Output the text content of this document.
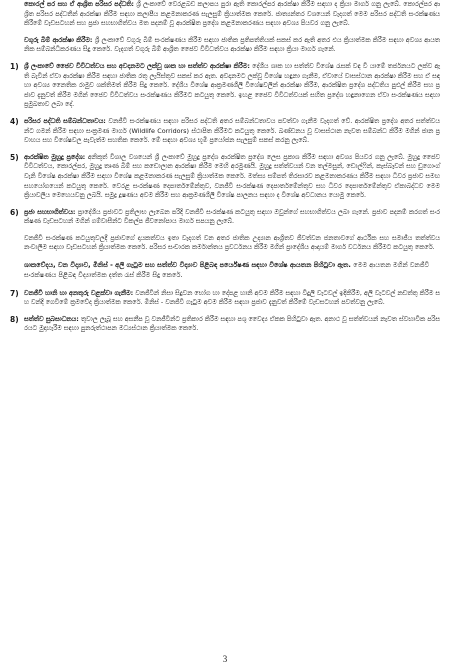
කොරල් පර සහ ඒ ආශ්‍රිත පරිසර පද්ධති: ශ්‍රී ලංකාවේ වෙරළබඩ කලාපය පුරා ඇති කොරල්පර ආරක්ෂා කිරීම සඳහා ද ක්‍රියා මාර්ග ගනු ලැබේ. කොරල්පර ආශ්‍රිත පරිසර පද්ධතීන් ආරක්ෂා කිරීම සඳහා කලාපීය කළමනාකරණ සැලසුම් ක්‍රියාත්මක කෙරේ. ජාත්‍යන්තර වශයෙන් වැදගත් මෙම පරිසර පද්ධති සංරක්ෂණය කිරීමේ වැඩසටහන් සහ ප්‍රජා සහභාගිත්වය මත පදනම් වූ ආරක්ෂිත ප්‍රදේශ කළමනාකරණය සඳහා අවශ්‍ය පියවර ගනු ලැබේ.
වගුරු බිම් ආරක්ෂා කිරීම: ශ්‍රී ලංකාවේ වගුරු බිම් සංරක්ෂණය කිරීම සඳහා ජාතික ප්‍රතිපත්තියක් සකස් කර ඇති අතර එය ක්‍රියාත්මක කිරීම සඳහා අවශ්‍ය ආයතනික සම්බන්ධීකරණය සිදු කෙරේ. වැදගත් වගුරු බිම් ආශ්‍රිත ජෛව විවිධත්වය ආරක්ෂා කිරීම සඳහා ක්‍රියා මාර්ග ගැනේ.
1) ශ්‍රී ලංකාවේ ජෛව විවිධත්වය සහ අවදානමට ලක්වූ ශාක හා සත්ත්ව ආරක්ෂා කිරීම: දේශීය ශාක හා සත්ත්ව විශේෂ රැසක් වඳ වී යාමේ තර්ජනයට ලක්ව ඇති බැවින් ඒවා ආරක්ෂා කිරීම සඳහා ජාතික රතු ලැයිස්තුව සකස් කර ඇත. අවදානමට ලක්වූ විශේෂ හඳුනා ගැනීම, ඒවායේ වාසස්ථාන ආරක්ෂා කිරීම සහ ඒ සඳහා අවශ්‍ය නෛතික රාමුව ශක්තිමත් කිරීම සිදු කෙරේ. දේශීය විශේෂ ආක්‍රමණශීලී විශේෂවලින් ආරක්ෂා කිරීම, ආරක්ෂිත ප්‍රදේශ පද්ධතිය පුළුල් කිරීම සහ ප්‍රජාව දැනුවත් කිරීම මගින් ජෛව විවිධත්වය සංරක්ෂණය කිරීමට කටයුතු කෙරේ. ඉහළ ජෛව විවිධත්වයක් සහිත ප්‍රදේශ හඳුනාගෙන ඒවා සංරක්ෂණය සඳහා ප්‍රමුඛතාව ලබා දේ.
4) පරිසර පද්ධති සම්බන්ධතාවය: වනජීවී සංරක්ෂණය සඳහා පරිසර පද්ධති අතර සම්බන්ධතාවය පවත්වා ගැනීම වැදගත් වේ. ආරක්ෂිත ප්‍රදේශ අතර සත්ත්වයන්ට ගමන් කිරීම සඳහා සංක්‍රමණ මාර්ග (Wildlife Corridors) ස්ථාපිත කිරීමට කටයුතු කෙරේ. ඛණ්ඩනය වූ වාසස්ථාන නැවත සම්බන්ධ කිරීම මගින් ජාන ප්‍රවාහය සහ විශේෂවල පැවැත්ම සහතික කෙරේ. මේ සඳහා අවශ්‍ය භූමි ප්‍රයෝජන සැලසුම් සකස් කරනු ලැබේ.
5) ආරක්ෂිත මුහුදු ප්‍රදේශ: අනිකුත් විශාල වශයෙන් ශ්‍රී ලංකාවේ මුහුදු ප්‍රදේශ ආරක්ෂිත ප්‍රදේශ ලෙස ප්‍රකාශ කිරීම සඳහා අවශ්‍ය පියවර ගනු ලැබේ. මුහුදු ජෛව විවිධත්වය, කොරල්පර, මුහුදු තෘණ බිම් සහ කඩොලාන ආරක්ෂා කිරීම මෙහි අරමුණයි. මුහුදු සත්ත්වයන් වන තල්මසුන්, ඩොල්ෆින්, කැස්බෑවන් සහ ඩුගොංග් වැනි විශේෂ ආරක්ෂා කිරීම සඳහා විශේෂ කළමනාකරණ සැලසුම් ක්‍රියාත්මක කෙරේ. මත්ස්‍ය සම්පත් තිරසාරව කළමනාකරණය කිරීම සඳහා ධීවර ප්‍රජාව සමඟ සහයෝගයෙන් කටයුතු කෙරේ. වෙරළ සංරක්ෂණ දෙපාර්තමේන්තුව, වනජීවී සංරක්ෂණ දෙපාර්තමේන්තුව සහ ධීවර දෙපාර්තමේන්තුව ඒකාබද්ධව මෙම ක්‍රියාවලිය මෙහෙයවනු ලබයි. සමුද්‍ර දූෂණය අවම කිරීම සහ ආක්‍රමණශීලී විශේෂ පාලනය සඳහා ද විශේෂ අවධානය යොමු කෙරේ.
6) ප්‍රජා සහභාගිත්වය: ප්‍රාදේශීය ප්‍රජාවට ප්‍රතිලාභ ලැබෙන පරිදි වනජීවී සංරක්ෂණ කටයුතු සඳහා ඔවුන්ගේ සහභාගිත්වය ලබා ගැනේ. ප්‍රජාව පදනම් කරගත් සංරක්ෂණ වැඩසටහන් මගින් ගම්වාසීන්ට විකල්ප ජීවනෝපාය මාර්ග සපයනු ලැබේ.
වනජීවී සංරක්ෂණ කටයුතුවලදී ප්‍රජාවගේ දායකත්වය ඉතා වැදගත් වන අතර ජාතික උද්‍යාන ආශ්‍රිතව ජීවත්වන ජනතාවගේ ආර්ථික සහ සමාජීය තත්ත්වය නංවාලීම සඳහා වැඩසටහන් ක්‍රියාත්මක කෙරේ. පරිසර සංචාරක කර්මාන්තය ප්‍රවර්ධනය කිරීම මගින් ප්‍රාදේශීය ආදායම් මාර්ග වර්ධනය කිරීමට කටයුතු කෙරේ.
ශාකවේදය, වන විද්‍යාව, මිනිස් - අලි ගැටුම සහ සත්ත්ව විද්‍යාව පිළිබඳ පර්යේෂණ සඳහා විශේෂ ආයතන පිහිටුවා ඇත. මෙම ආයතන මගින් වනජීවී සංරක්ෂණය පිළිබඳ විද්‍යාත්මක දත්ත රැස් කිරීම සිදු කෙරේ.
7) වනජීවී හානි හා අනතුරු වළක්වා ගැනීම: වනජීවීන් නිසා සිදුවන භෝග හා දේපළ හානි අවම කිරීම සඳහා විදුලි වැටවල් ඉදිකිරීම, අලි වැටවල් නඩත්තු කිරීම සහ වන්දි ගෙවීමේ ක්‍රමවේද ක්‍රියාත්මක කෙරේ. මිනිස් - වනජීවී ගැටුම අවම කිරීම සඳහා ප්‍රජාව දැනුවත් කිරීමේ වැඩසටහන් පවත්වනු ලැබේ.
8) සත්ත්ව සුබසාධනය: තුවාල ලැබූ සහ අසනීප වූ වනජීවීන්ට ප්‍රතිකාර කිරීම සඳහා පශු වෛද්‍ය ඒකක පිහිටුවා ඇත. අනාථ වූ සත්ත්වයන් නැවත ස්වභාවික පරිසරයට මුදාහැරීම සඳහා පුනරුත්ථාපන මධ්‍යස්ථාන ක්‍රියාත්මක කෙරේ.
3
